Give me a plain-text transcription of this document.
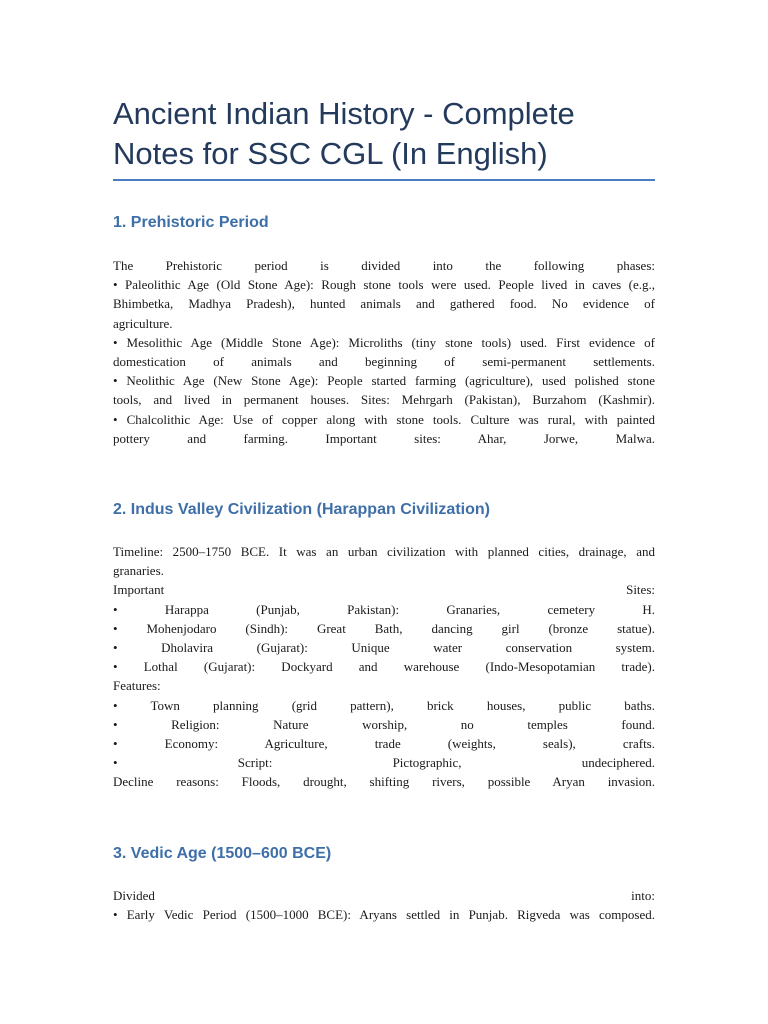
Ancient Indian History - Complete Notes for SSC CGL (In English)
1. Prehistoric Period
The Prehistoric period is divided into the following phases:
• Paleolithic Age (Old Stone Age): Rough stone tools were used. People lived in caves (e.g.,
Bhimbetka, Madhya Pradesh), hunted animals and gathered food. No evidence of
agriculture.
• Mesolithic Age (Middle Stone Age): Microliths (tiny stone tools) used. First evidence of
domestication of animals and beginning of semi-permanent settlements.
• Neolithic Age (New Stone Age): People started farming (agriculture), used polished stone
tools, and lived in permanent houses. Sites: Mehrgarh (Pakistan), Burzahom (Kashmir).
• Chalcolithic Age: Use of copper along with stone tools. Culture was rural, with painted
pottery and farming. Important sites: Ahar, Jorwe, Malwa.
2. Indus Valley Civilization (Harappan Civilization)
Timeline: 2500–1750 BCE. It was an urban civilization with planned cities, drainage, and
granaries.
Important Sites:
• Harappa (Punjab, Pakistan): Granaries, cemetery H.
• Mohenjodaro (Sindh): Great Bath, dancing girl (bronze statue).
• Dholavira (Gujarat): Unique water conservation system.
• Lothal (Gujarat): Dockyard and warehouse (Indo-Mesopotamian trade).
Features:
• Town planning (grid pattern), brick houses, public baths.
• Religion: Nature worship, no temples found.
• Economy: Agriculture, trade (weights, seals), crafts.
• Script: Pictographic, undeciphered.
Decline reasons: Floods, drought, shifting rivers, possible Aryan invasion.
3. Vedic Age (1500–600 BCE)
Divided into:
• Early Vedic Period (1500–1000 BCE): Aryans settled in Punjab. Rigveda was composed.
